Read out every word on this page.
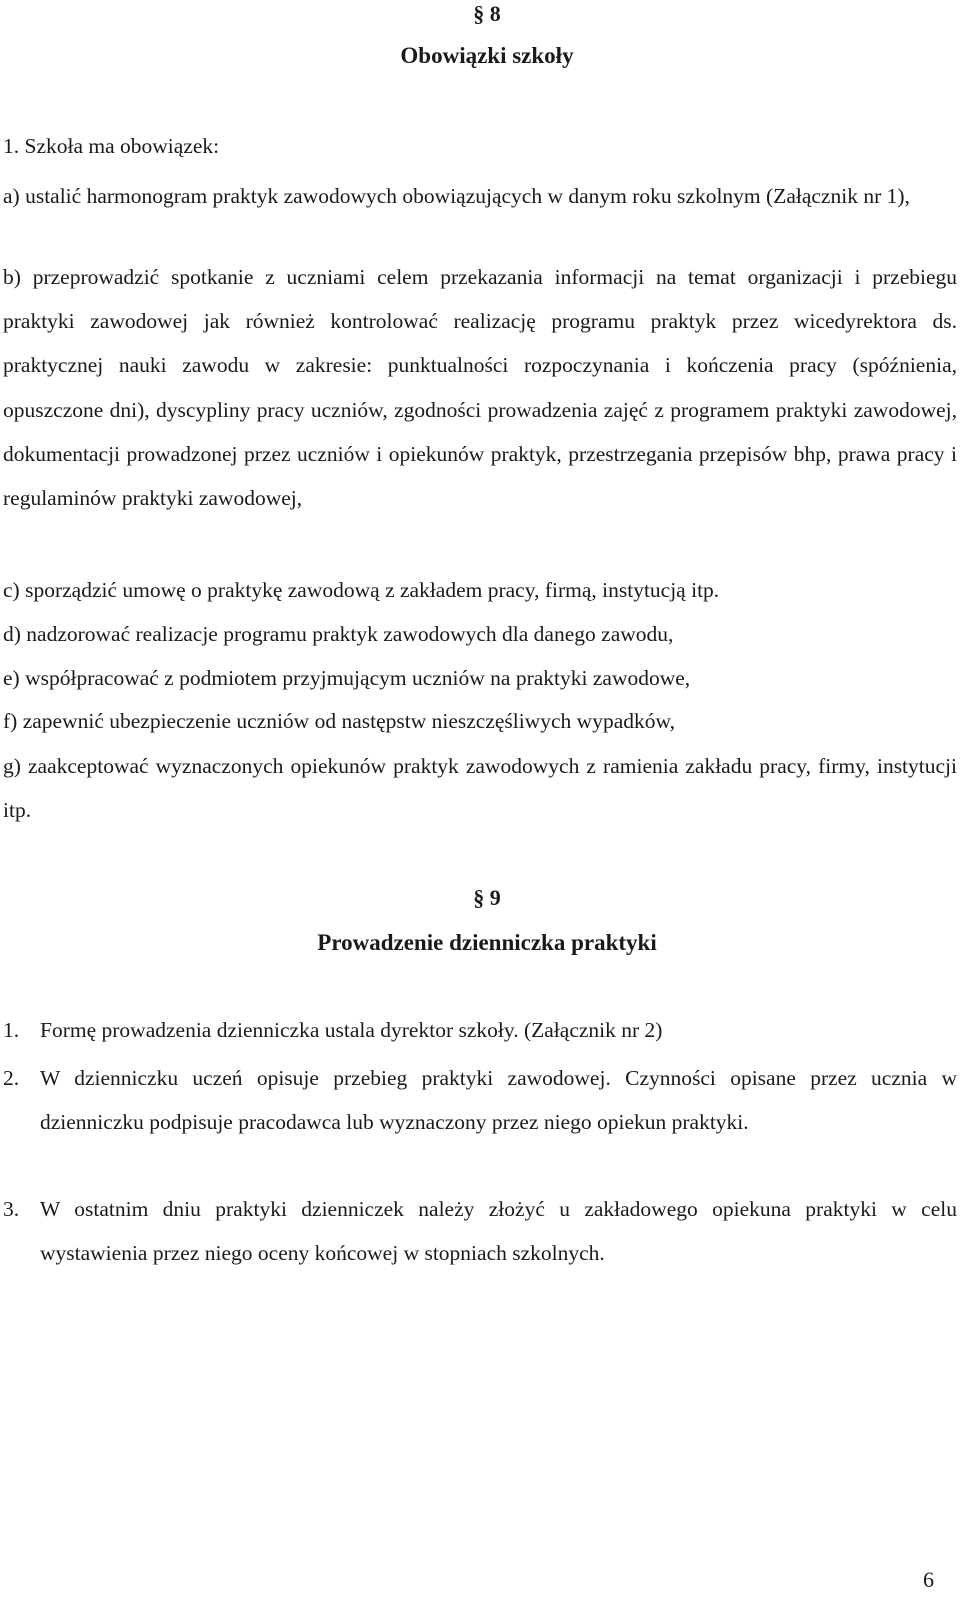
§ 8
Obowiązki szkoły

1. Szkoła ma obowiązek:

a) ustalić harmonogram praktyk zawodowych obowiązujących w danym roku szkolnym (Załącznik nr 1),

b) przeprowadzić spotkanie z uczniami celem przekazania informacji na temat organizacji i przebiegu praktyki zawodowej jak również kontrolować realizację programu praktyk przez wicedyrektora ds. praktycznej nauki zawodu w zakresie: punktualności rozpoczynania i kończenia pracy (spóźnienia, opuszczone dni), dyscypliny pracy uczniów, zgodności prowadzenia zajęć z programem praktyki zawodowej, dokumentacji prowadzonej przez uczniów i opiekunów praktyk, przestrzegania przepisów bhp, prawa pracy i regulaminów praktyki zawodowej,

c) sporządzić umowę o praktykę zawodową z zakładem pracy, firmą, instytucją itp.

d) nadzorować realizacje programu praktyk zawodowych dla danego zawodu,

e) współpracować z podmiotem przyjmującym uczniów na praktyki zawodowe,

f) zapewnić ubezpieczenie uczniów od następstw nieszczęśliwych wypadków,

g) zaakceptować wyznaczonych opiekunów praktyk zawodowych z ramienia zakładu pracy, firmy, instytucji itp.

§ 9
Prowadzenie dzienniczka praktyki
1. Formę prowadzenia dzienniczka ustala dyrektor szkoły. (Załącznik nr 2)
2. W dzienniczku uczeń opisuje przebieg praktyki zawodowej. Czynności opisane przez ucznia w dzienniczku podpisuje pracodawca lub wyznaczony przez niego opiekun praktyki.
3. W ostatnim dniu praktyki dzienniczek należy złożyć u zakładowego opiekuna praktyki w celu wystawienia przez niego oceny końcowej w stopniach szkolnych.
6
